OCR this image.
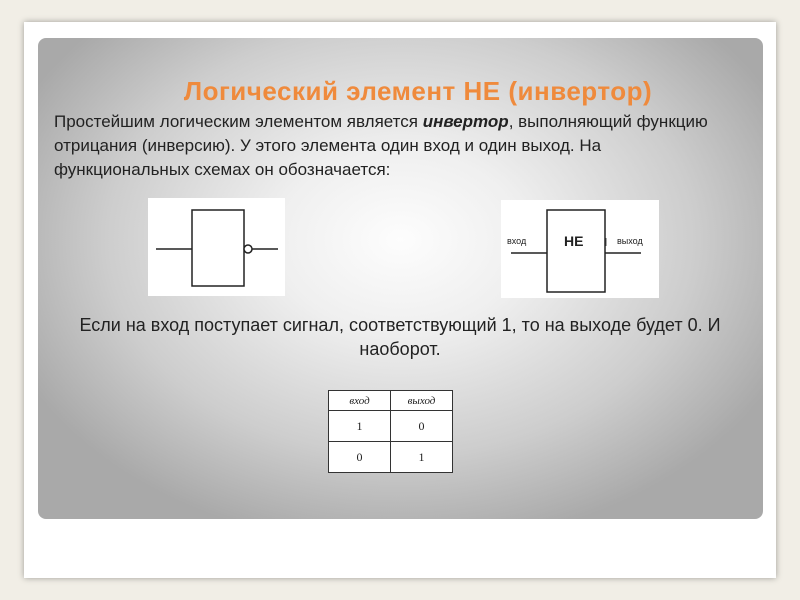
Логический элемент НЕ (инвертор)
Простейшим логическим элементом является инвертор, выполняющий функцию отрицания (инверсию). У этого элемента один вход и один выход. На функциональных схемах он обозначается:
вход	НЕ	выход
Если на вход поступает сигнал, соответствующий 1, то на выходе будет 0. И наоборот.
вход	выход
1	0
0	1
